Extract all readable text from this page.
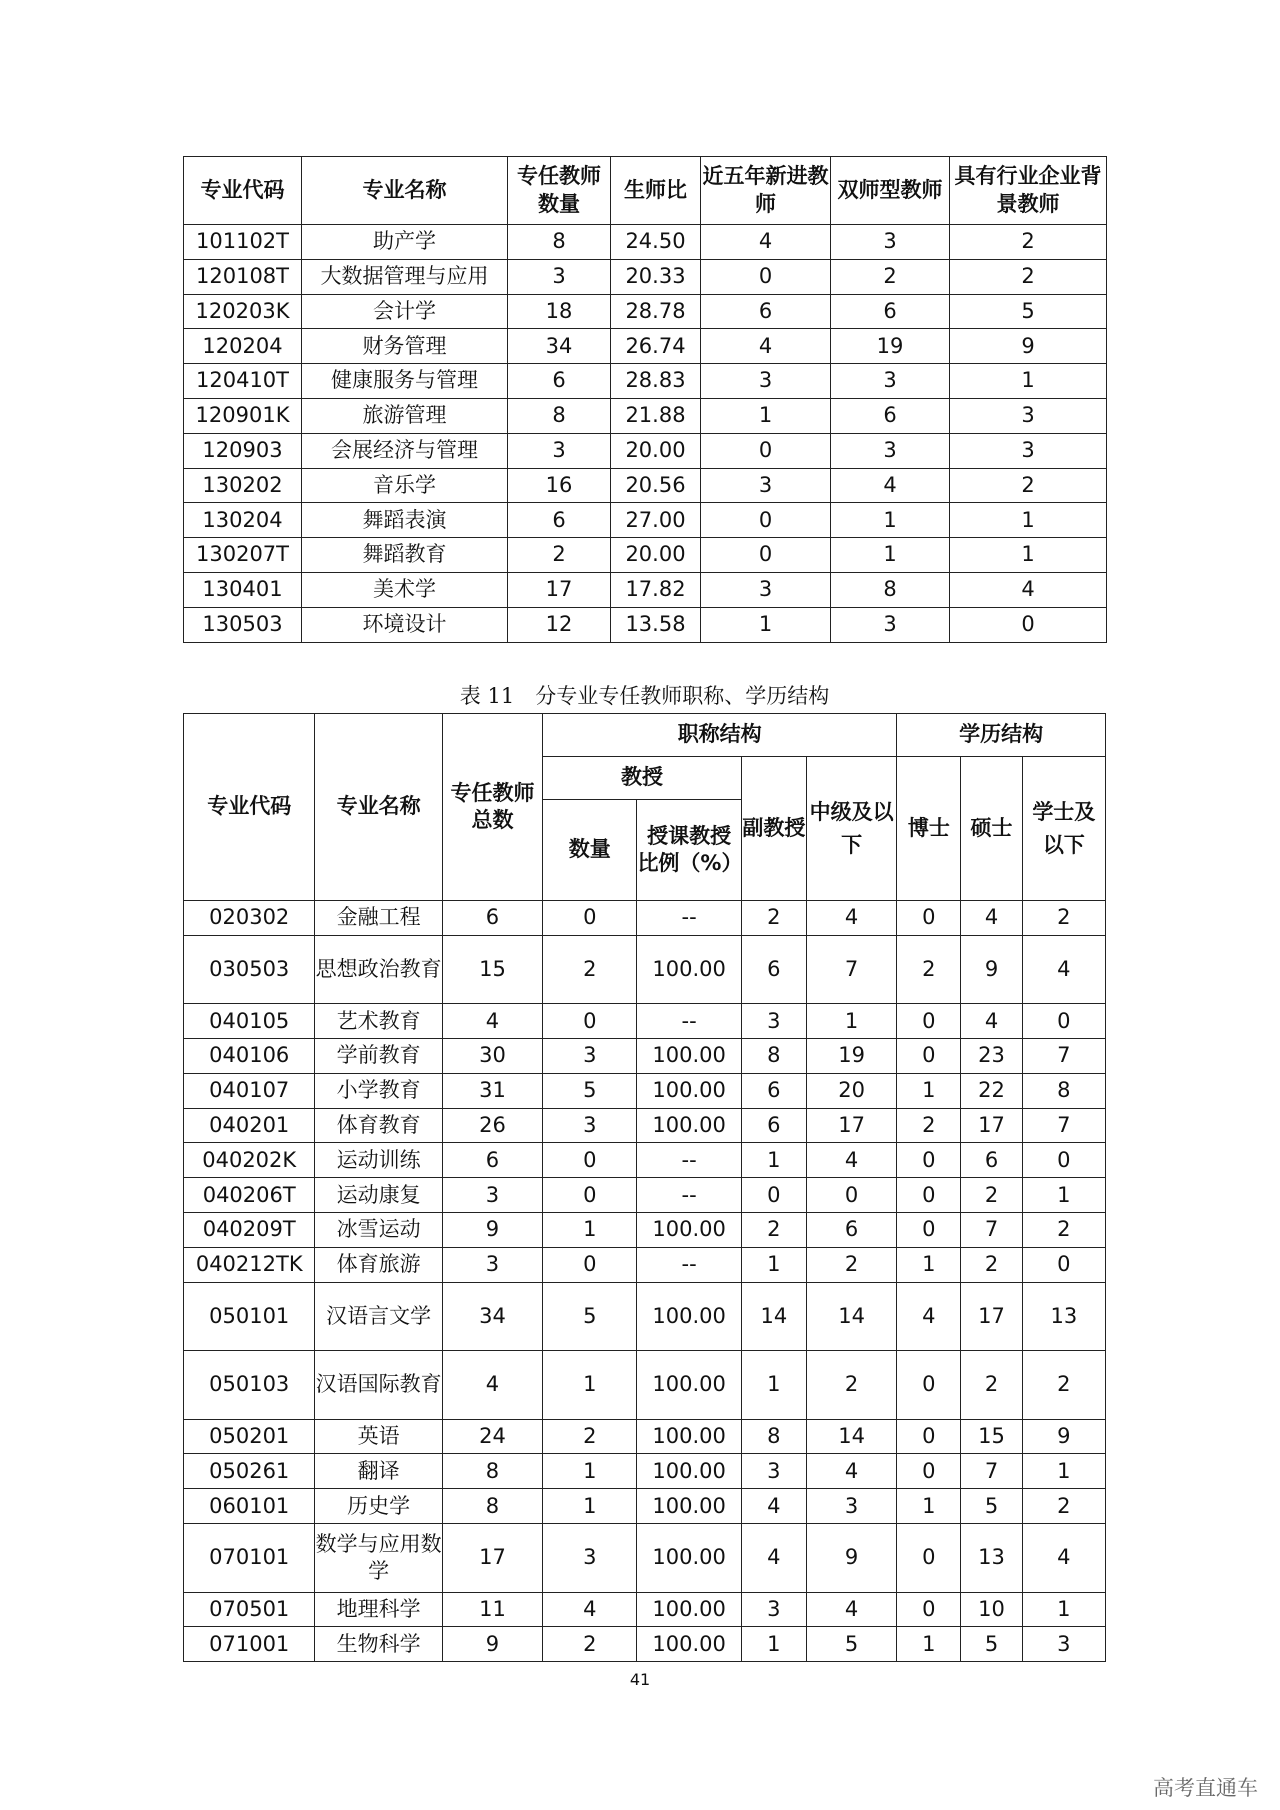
专业代码	专业名称	专任教师数量	生师比	近五年新进教师	双师型教师	具有行业企业背景教师
101102T	助产学	8	24.50	4	3	2
120108T	大数据管理与应用	3	20.33	0	2	2
120203K	会计学	18	28.78	6	6	5
120204	财务管理	34	26.74	4	19	9
120410T	健康服务与管理	6	28.83	3	3	1
120901K	旅游管理	8	21.88	1	6	3
120903	会展经济与管理	3	20.00	0	3	3
130202	音乐学	16	20.56	3	4	2
130204	舞蹈表演	6	27.00	0	1	1
130207T	舞蹈教育	2	20.00	0	1	1
130401	美术学	17	17.82	3	8	4
130503	环境设计	12	13.58	1	3	0
表 11　分专业专任教师职称、学历结构
专业代码	专业名称	专任教师总数	职称结构				学历结构		
			教授		副教授	中级及以下	博士	硕士	学士及以下
			数量	授课教授比例（%）					
020302	金融工程	6	0	--	2	4	0	4	2
030503	思想政治教育	15	2	100.00	6	7	2	9	4
040105	艺术教育	4	0	--	3	1	0	4	0
040106	学前教育	30	3	100.00	8	19	0	23	7
040107	小学教育	31	5	100.00	6	20	1	22	8
040201	体育教育	26	3	100.00	6	17	2	17	7
040202K	运动训练	6	0	--	1	4	0	6	0
040206T	运动康复	3	0	--	0	0	0	2	1
040209T	冰雪运动	9	1	100.00	2	6	0	7	2
040212TK	体育旅游	3	0	--	1	2	1	2	0
050101	汉语言文学	34	5	100.00	14	14	4	17	13
050103	汉语国际教育	4	1	100.00	1	2	0	2	2
050201	英语	24	2	100.00	8	14	0	15	9
050261	翻译	8	1	100.00	3	4	0	7	1
060101	历史学	8	1	100.00	4	3	1	5	2
070101	数学与应用数学	17	3	100.00	4	9	0	13	4
070501	地理科学	11	4	100.00	3	4	0	10	1
071001	生物科学	9	2	100.00	1	5	1	5	3
41
高考直通车
